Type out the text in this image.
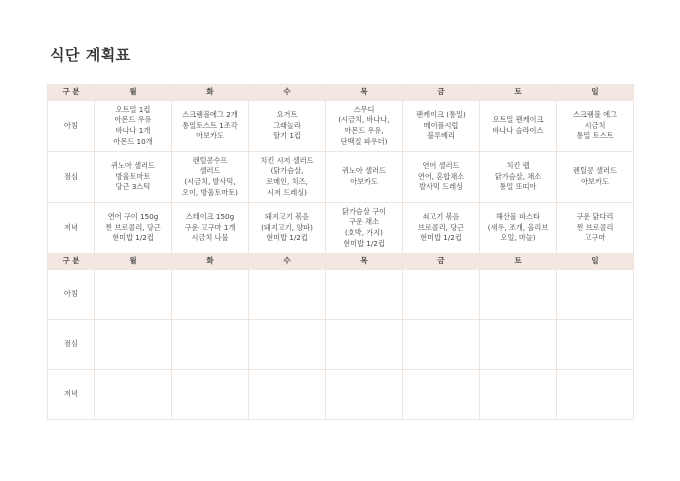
식단 계획표
구 분	월	화	수	목	금	토	일
아침	오트밀 1컵
아몬드 우유
바나나 1개
아몬드 10개	스크램블에그 2개
통밀토스트 1조각
아보카도	요거트
그래놀라
딸기 1컵	스무디
(시금치, 바나나,
아몬드 우유,
단백질 파우더)	팬케이크 (통밀)
메이플시럽
블루베리	오트밀 팬케이크
바나나 슬라이스	스크램블 에그
시금치
통밀 토스트

점심	퀴노아 샐러드
방울토마토
당근 3스틱	렌틸콩수프
샐러드
(시금치, 발사믹,
오이, 방울토마토)	치킨 시저 샐러드
(닭가슴살,
로메인, 치즈,
시저 드레싱)	퀴노아 샐러드
아보카도	연어 샐러드
연어, 혼합채소
발사믹 드레싱	치킨 랩
닭가슴살, 채소
통밀 또띠아	렌틸콩 샐러드
아보카도

저녁	연어 구이 150g
찐 브로콜리, 당근
현미밥 1/2컵	스테이크 150g
구운 고구마 1개
시금치 나물	돼지고기 볶음
(돼지고기, 양파)
현미밥 1/2컵	닭가슴살 구이
구운 채소
(호박, 가지)
현미밥 1/2컵	쇠고기 볶음
브로콜리, 당근
현미밥 1/2컵	해산물 파스타
(새우, 조개, 올리브
오일, 마늘)	구운 닭다리
찐 브로콜리
고구마

구 분	월	화	수	목	금	토	일
아침							
점심							
저녁							
